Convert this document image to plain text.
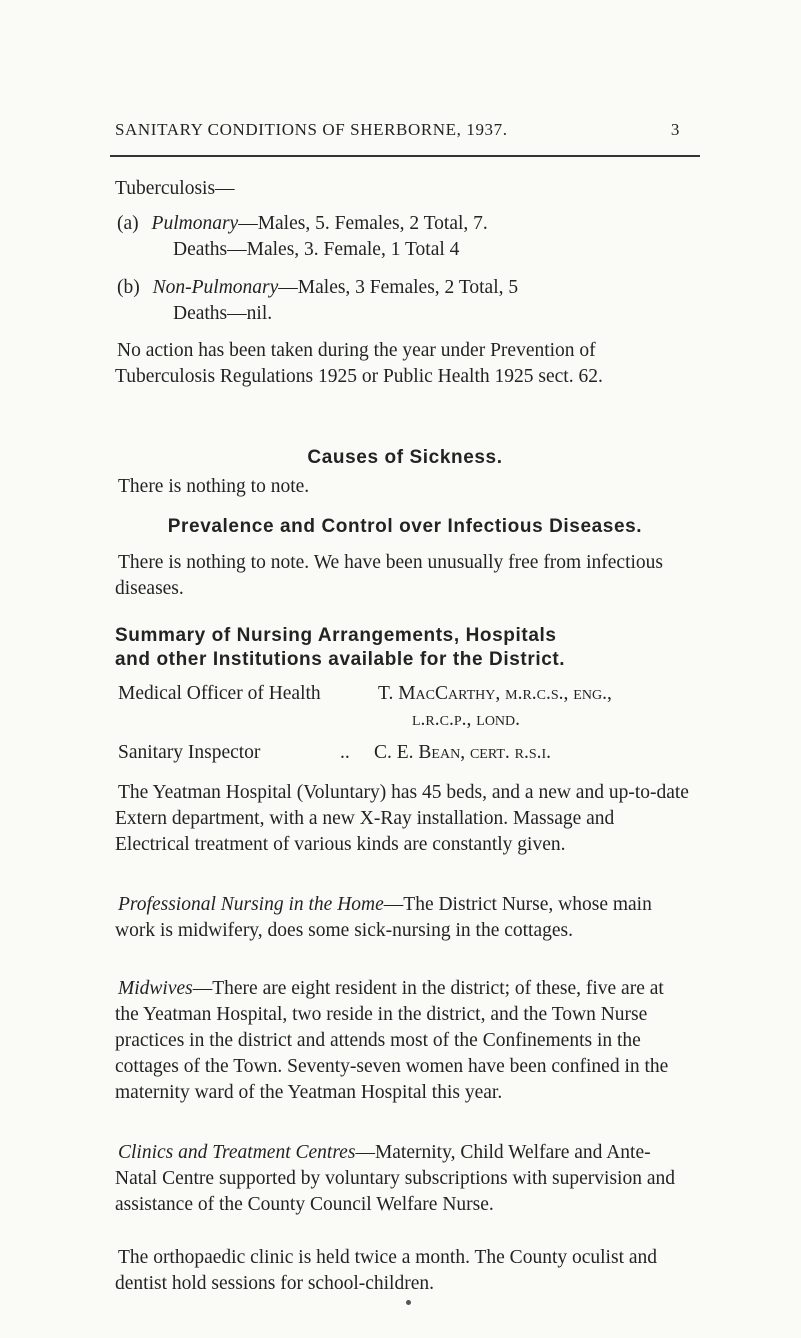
SANITARY CONDITIONS OF SHERBORNE, 1937.	3

Tuberculosis—

(a) Pulmonary—Males, 5. Females, 2 Total, 7.

Deaths—Males, 3. Female, 1 Total 4

(b) Non-Pulmonary—Males, 3 Females, 2 Total, 5

Deaths—nil.

No action has been taken during the year under Prevention of Tuberculosis Regulations 1925 or Public Health 1925 sect. 62.

Causes of Sickness.

There is nothing to note.

Prevalence and Control over Infectious Diseases.

There is nothing to note. We have been unusually free from infectious diseases.

Summary of Nursing Arrangements, Hospitals

and other Institutions available for the District.

Medical Officer of Health	T. MacCarthy, m.r.c.s., eng.,

l.r.c.p., lond.

Sanitary Inspector	.. C. E. Bean, cert. r.s.i.

The Yeatman Hospital (Voluntary) has 45 beds, and a new and up-to-date Extern department, with a new X-Ray installation. Massage and Electrical treatment of various kinds are constantly given.

Professional Nursing in the Home—The District Nurse, whose main work is midwifery, does some sick-nursing in the cottages.

Midwives—There are eight resident in the district; of these, five are at the Yeatman Hospital, two reside in the district, and the Town Nurse practices in the district and attends most of the Confinements in the cottages of the Town. Seventy-seven women have been confined in the maternity ward of the Yeatman Hospital this year.

Clinics and Treatment Centres—Maternity, Child Welfare and Ante-Natal Centre supported by voluntary subscriptions with supervision and assistance of the County Council Welfare Nurse.

The orthopaedic clinic is held twice a month. The County oculist and dentist hold sessions for school-children.
